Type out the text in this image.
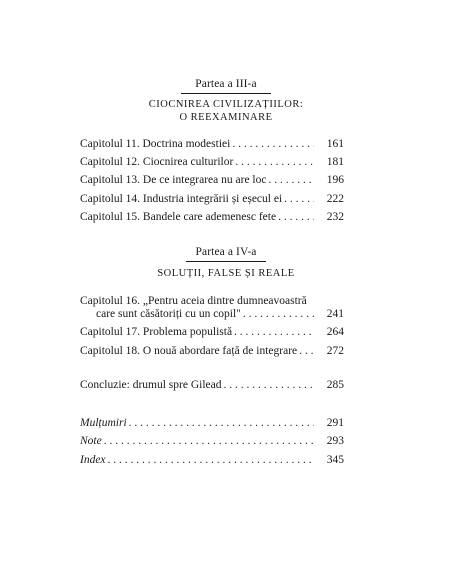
Partea a III-a
CIOCNIREA CIVILIZAȚIILOR:
O REEXAMINARE
Capitolul 11. Doctrina modestiei . . .	161
Capitolul 12. Ciocnirea culturilor . . .	181
Capitolul 13. De ce integrarea nu are loc . . .	196
Capitolul 14. Industria integrării și eșecul ei . . .	222
Capitolul 15. Bandele care ademenesc fete . . .	232
Partea a IV-a
SOLUȚII, FALSE ȘI REALE
Capitolul 16. „Pentru aceia dintre dumneavoastră
care sunt căsătoriți cu un copil" . . .	241
Capitolul 17. Problema populistă . . .	264
Capitolul 18. O nouă abordare față de integrare . . .	272
Concluzie: drumul spre Gilead . . .	285
Mulțumiri . . .	291
Note . . .	293
Index . . .	345
